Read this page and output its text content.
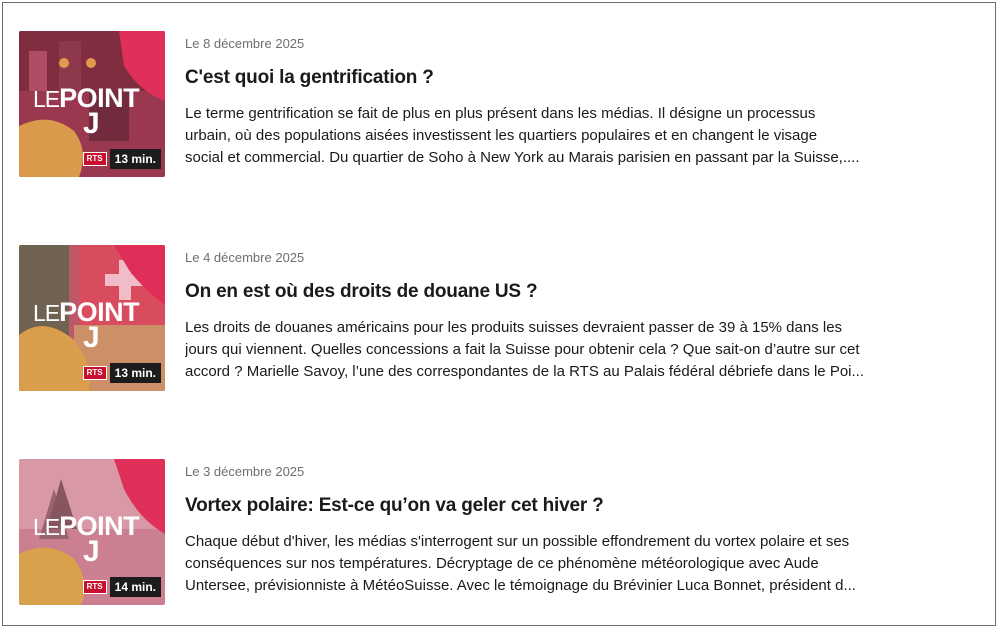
LEPOINT
J
RTS	13 min.
Le 8 décembre 2025
C'est quoi la gentrification ?
Le terme gentrification se fait de plus en plus présent dans les médias. Il désigne un processus
urbain, où des populations aisées investissent les quartiers populaires et en changent le visage
social et commercial. Du quartier de Soho à New York au Marais parisien en passant par la Suisse,....
LEPOINT
J
RTS	13 min.
Le 4 décembre 2025
On en est où des droits de douane US ?
Les droits de douanes américains pour les produits suisses devraient passer de 39 à 15% dans les
jours qui viennent. Quelles concessions a fait la Suisse pour obtenir cela ? Que sait-on d’autre sur cet
accord ? Marielle Savoy, l’une des correspondantes de la RTS au Palais fédéral débriefe dans le Poi...
LEPOINT
J
RTS	14 min.
Le 3 décembre 2025
Vortex polaire: Est-ce qu’on va geler cet hiver ?
Chaque début d'hiver, les médias s'interrogent sur un possible effondrement du vortex polaire et ses
conséquences sur nos températures. Décryptage de ce phénomène météorologique avec Aude
Untersee, prévisionniste à MétéoSuisse. Avec le témoignage du Brévinier Luca Bonnet, président d...
